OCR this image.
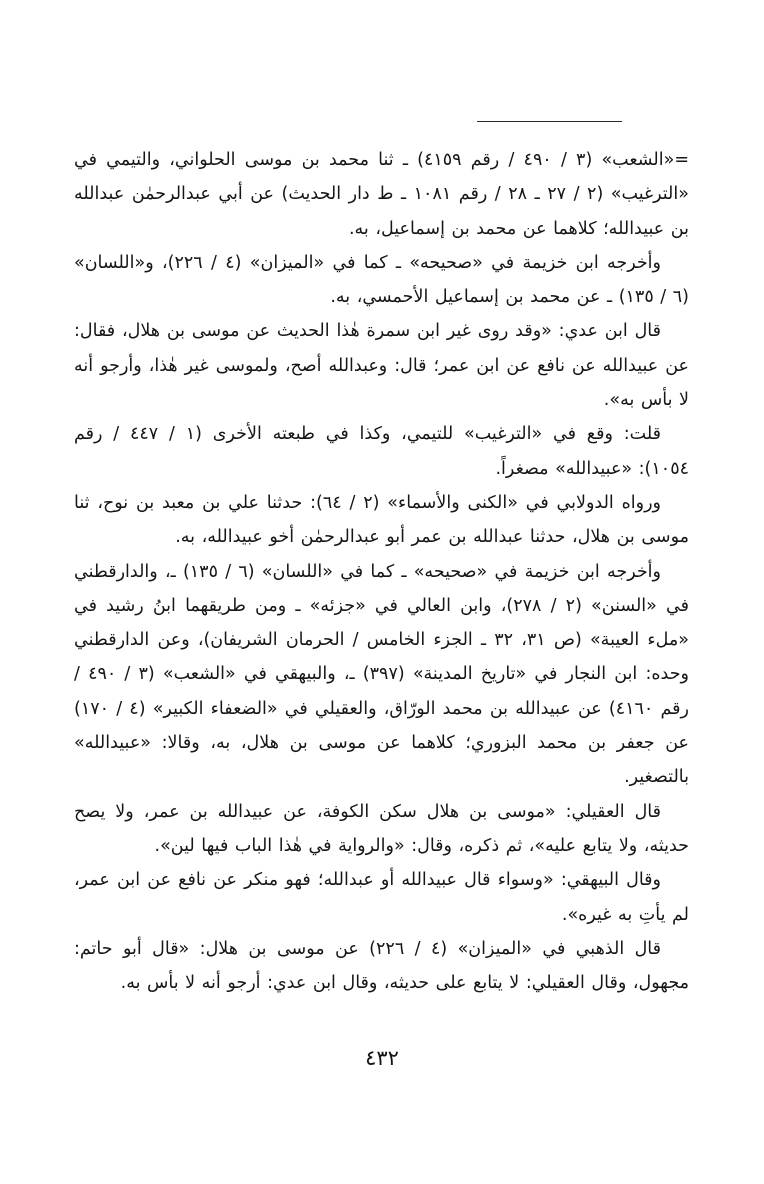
=«الشعب» (٣ / ٤٩٠ / رقم ٤١٥٩) ـ ثنا محمد بن موسى الحلواني، والتيمي في «الترغيب» (٢ / ٢٧ ـ ٢٨ / رقم ١٠٨١ ـ ط دار الحديث) عن أبي عبدالرحمٰن عبدالله بن عبيدالله؛ كلاهما عن محمد بن إسماعيل، به.

وأخرجه ابن خزيمة في «صحيحه» ـ كما في «الميزان» (٤ / ٢٢٦)، و«اللسان» (٦ / ١٣٥) ـ عن محمد بن إسماعيل الأحمسي، به.

قال ابن عدي: «وقد روى غير ابن سمرة هٰذا الحديث عن موسى بن هلال، فقال: عن عبيدالله عن نافع عن ابن عمر؛ قال: وعبدالله أصح، ولموسى غير هٰذا، وأرجو أنه لا بأس به».

قلت: وقع في «الترغيب» للتيمي، وكذا في طبعته الأخرى (١ / ٤٤٧ / رقم ١٠٥٤): «عبيدالله» مصغراً.

ورواه الدولابي في «الكنى والأسماء» (٢ / ٦٤): حدثنا علي بن معبد بن نوح، ثنا موسى بن هلال، حدثنا عبدالله بن عمر أبو عبدالرحمٰن أخو عبيدالله، به.

وأخرجه ابن خزيمة في «صحيحه» ـ كما في «اللسان» (٦ / ١٣٥) ـ، والدارقطني في «السنن» (٢ / ٢٧٨)، وابن العالي في «جزئه» ـ ومن طريقهما ابنُ رشيد في «ملء العيبة» (ص ٣١، ٣٢ ـ الجزء الخامس / الحرمان الشريفان)، وعن الدارقطني وحده: ابن النجار في «تاريخ المدينة» (٣٩٧) ـ، والبيهقي في «الشعب» (٣ / ٤٩٠ / رقم ٤١٦٠) عن عبيدالله بن محمد الورّاق، والعقيلي في «الضعفاء الكبير» (٤ / ١٧٠) عن جعفر بن محمد البزوري؛ كلاهما عن موسى بن هلال، به، وقالا: «عبيدالله» بالتصغير.

قال العقيلي: «موسى بن هلال سكن الكوفة، عن عبيدالله بن عمر، ولا يصح حديثه، ولا يتابع عليه»، ثم ذكره، وقال: «والرواية في هٰذا الباب فيها لين».

وقال البيهقي: «وسواء قال عبيدالله أو عبدالله؛ فهو منكر عن نافع عن ابن عمر، لم يأتِ به غيره».

قال الذهبي في «الميزان» (٤ / ٢٢٦) عن موسى بن هلال: «قال أبو حاتم: مجهول، وقال العقيلي: لا يتابع على حديثه، وقال ابن عدي: أرجو أنه لا بأس به.

٤٣٢
